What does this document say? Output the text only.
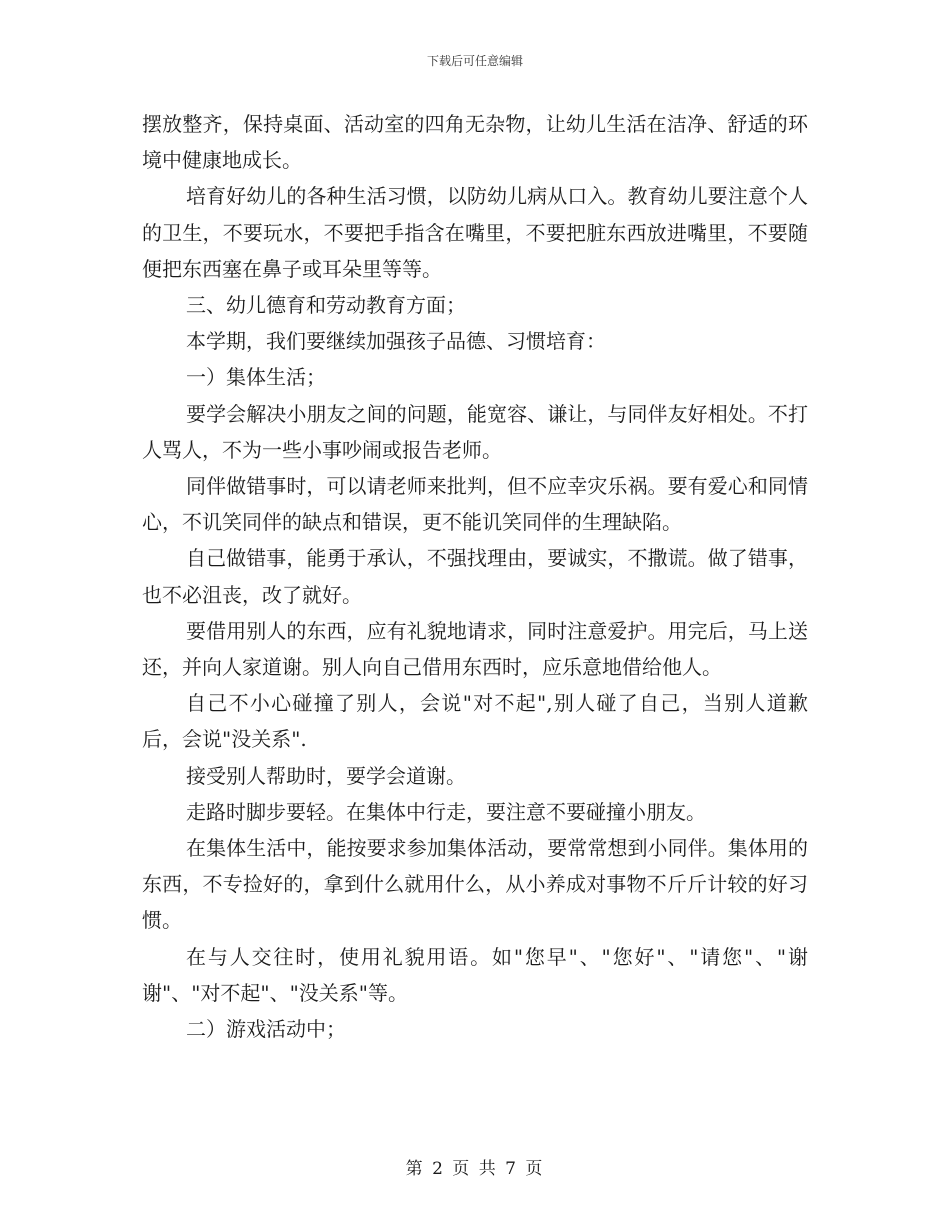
下载后可任意编辑

摆放整齐，保持桌面、活动室的四角无杂物，让幼儿生活在洁净、舒适的环境中健康地成长。

培育好幼儿的各种生活习惯，以防幼儿病从口入。教育幼儿要注意个人的卫生，不要玩水，不要把手指含在嘴里，不要把脏东西放进嘴里，不要随便把东西塞在鼻子或耳朵里等等。

三、幼儿德育和劳动教育方面；

本学期，我们要继续加强孩子品德、习惯培育：

一）集体生活；

要学会解决小朋友之间的问题，能宽容、谦让，与同伴友好相处。不打人骂人，不为一些小事吵闹或报告老师。

同伴做错事时，可以请老师来批判，但不应幸灾乐祸。要有爱心和同情心，不讥笑同伴的缺点和错误，更不能讥笑同伴的生理缺陷。

自己做错事，能勇于承认，不强找理由，要诚实，不撒谎。做了错事，也不必沮丧，改了就好。

要借用别人的东西，应有礼貌地请求，同时注意爱护。用完后，马上送还，并向人家道谢。别人向自己借用东西时，应乐意地借给他人。

自己不小心碰撞了别人，会说"对不起",别人碰了自己，当别人道歉后，会说"没关系".

接受别人帮助时，要学会道谢。

走路时脚步要轻。在集体中行走，要注意不要碰撞小朋友。

在集体生活中，能按要求参加集体活动，要常常想到小同伴。集体用的东西，不专捡好的，拿到什么就用什么，从小养成对事物不斤斤计较的好习惯。

在与人交往时，使用礼貌用语。如"您早"、"您好"、"请您"、"谢谢"、"对不起"、"没关系"等。

二）游戏活动中；

第 2 页 共 7 页
